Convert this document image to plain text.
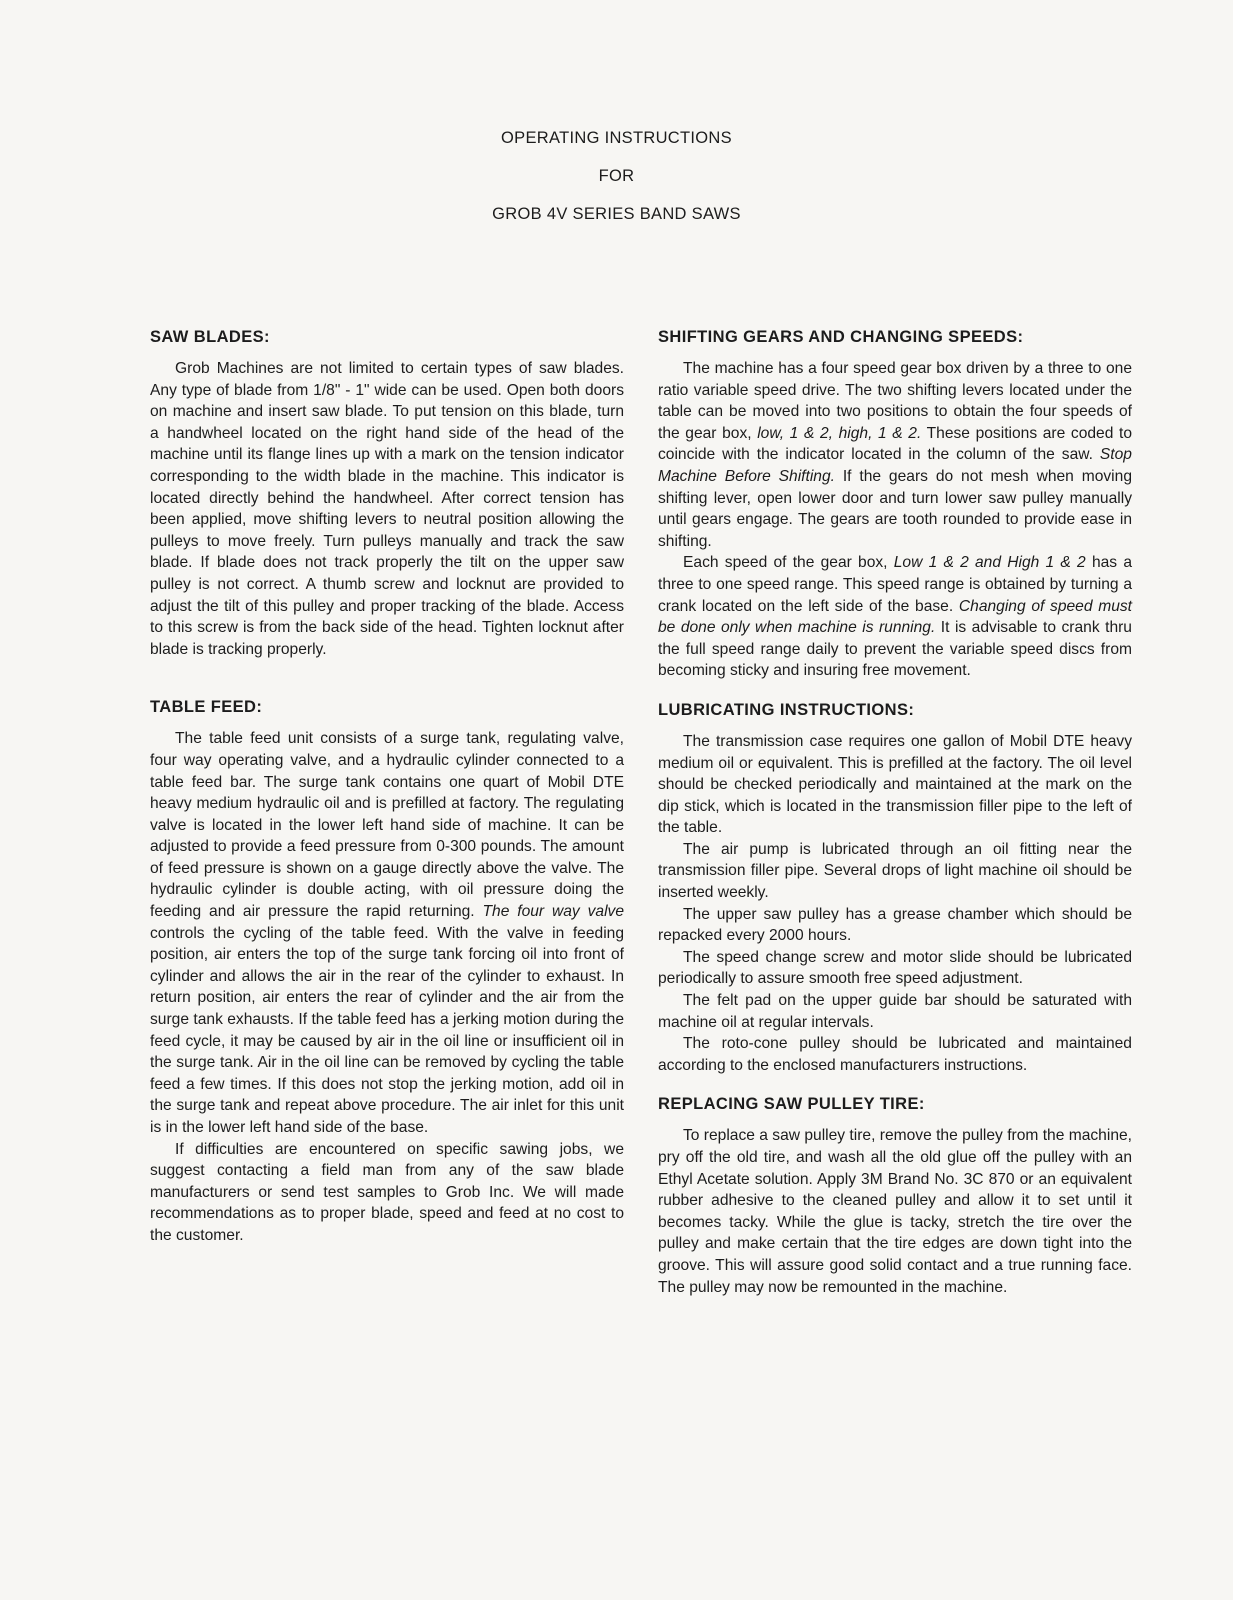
OPERATING INSTRUCTIONS
FOR
GROB 4V SERIES BAND SAWS
SAW BLADES:

Grob Machines are not limited to certain types of saw blades. Any type of blade from 1/8" - 1" wide can be used. Open both doors on machine and insert saw blade. To put tension on this blade, turn a handwheel located on the right hand side of the head of the machine until its flange lines up with a mark on the tension indicator corresponding to the width blade in the machine. This indicator is located directly behind the handwheel. After correct tension has been applied, move shifting levers to neutral position allowing the pulleys to move freely. Turn pulleys manually and track the saw blade. If blade does not track properly the tilt on the upper saw pulley is not correct. A thumb screw and locknut are provided to adjust the tilt of this pulley and proper tracking of the blade. Access to this screw is from the back side of the head. Tighten locknut after blade is tracking properly.

TABLE FEED:

The table feed unit consists of a surge tank, regulating valve, four way operating valve, and a hydraulic cylinder connected to a table feed bar. The surge tank contains one quart of Mobil DTE heavy medium hydraulic oil and is prefilled at factory. The regulating valve is located in the lower left hand side of machine. It can be adjusted to provide a feed pressure from 0-300 pounds. The amount of feed pressure is shown on a gauge directly above the valve. The hydraulic cylinder is double acting, with oil pressure doing the feeding and air pressure the rapid returning. The four way valve controls the cycling of the table feed. With the valve in feeding position, air enters the top of the surge tank forcing oil into front of cylinder and allows the air in the rear of the cylinder to exhaust. In return position, air enters the rear of cylinder and the air from the surge tank exhausts. If the table feed has a jerking motion during the feed cycle, it may be caused by air in the oil line or insufficient oil in the surge tank. Air in the oil line can be removed by cycling the table feed a few times. If this does not stop the jerking motion, add oil in the surge tank and repeat above procedure. The air inlet for this unit is in the lower left hand side of the base.

If difficulties are encountered on specific sawing jobs, we suggest contacting a field man from any of the saw blade manufacturers or send test samples to Grob Inc. We will made recommendations as to proper blade, speed and feed at no cost to the customer.

SHIFTING GEARS AND CHANGING SPEEDS:

The machine has a four speed gear box driven by a three to one ratio variable speed drive. The two shifting levers located under the table can be moved into two positions to obtain the four speeds of the gear box, low, 1 & 2, high, 1 & 2. These positions are coded to coincide with the indicator located in the column of the saw. Stop Machine Before Shifting. If the gears do not mesh when moving shifting lever, open lower door and turn lower saw pulley manually until gears engage. The gears are tooth rounded to provide ease in shifting.

Each speed of the gear box, Low 1 & 2 and High 1 & 2 has a three to one speed range. This speed range is obtained by turning a crank located on the left side of the base. Changing of speed must be done only when machine is running. It is advisable to crank thru the full speed range daily to prevent the variable speed discs from becoming sticky and insuring free movement.

LUBRICATING INSTRUCTIONS:

The transmission case requires one gallon of Mobil DTE heavy medium oil or equivalent. This is prefilled at the factory. The oil level should be checked periodically and maintained at the mark on the dip stick, which is located in the transmission filler pipe to the left of the table.

The air pump is lubricated through an oil fitting near the transmission filler pipe. Several drops of light machine oil should be inserted weekly.

The upper saw pulley has a grease chamber which should be repacked every 2000 hours.

The speed change screw and motor slide should be lubricated periodically to assure smooth free speed adjustment.

The felt pad on the upper guide bar should be saturated with machine oil at regular intervals.

The roto-cone pulley should be lubricated and maintained according to the enclosed manufacturers instructions.

REPLACING SAW PULLEY TIRE:

To replace a saw pulley tire, remove the pulley from the machine, pry off the old tire, and wash all the old glue off the pulley with an Ethyl Acetate solution. Apply 3M Brand No. 3C 870 or an equivalent rubber adhesive to the cleaned pulley and allow it to set until it becomes tacky. While the glue is tacky, stretch the tire over the pulley and make certain that the tire edges are down tight into the groove. This will assure good solid contact and a true running face. The pulley may now be remounted in the machine.
